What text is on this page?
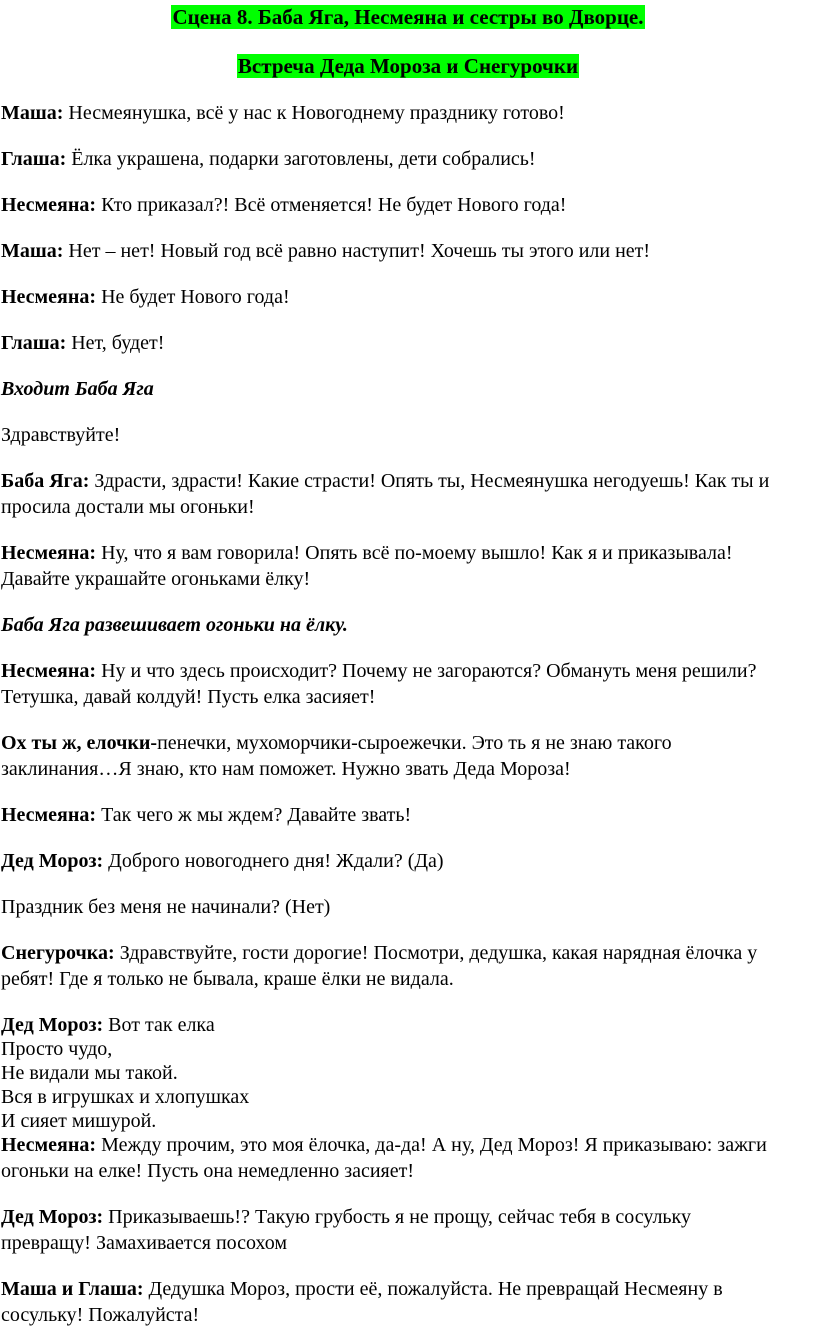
Сцена 8. Баба Яга, Несмеяна и сестры во Дворце.
Встреча Деда Мороза и Снегурочки
Маша: Несмеянушка, всё у нас к Новогоднему празднику готово!
Глаша: Ёлка украшена, подарки заготовлены, дети собрались!
Несмеяна: Кто приказал?! Всё отменяется! Не будет Нового года!
Маша: Нет – нет! Новый год всё равно наступит! Хочешь ты этого или нет!
Несмеяна: Не будет Нового года!
Глаша: Нет, будет!
Входит Баба Яга
Здравствуйте!
Баба Яга: Здрасти, здрасти! Какие страсти! Опять ты, Несмеянушка негодуешь! Как ты и
просила достали мы огоньки!
Несмеяна: Ну, что я вам говорила! Опять всё по-моему вышло! Как я и приказывала!
Давайте украшайте огоньками ёлку!
Баба Яга развешивает огоньки на ёлку.
Несмеяна: Ну и что здесь происходит? Почему не загораются? Обмануть меня решили?
Тетушка, давай колдуй! Пусть елка засияет!
Ох ты ж, елочки-пенечки, мухоморчики-сыроежечки. Это ть я не знаю такого
заклинания…Я знаю, кто нам поможет. Нужно звать Деда Мороза!
Несмеяна: Так чего ж мы ждем? Давайте звать!
Дед Мороз: Доброго новогоднего дня! Ждали? (Да)
Праздник без меня не начинали? (Нет)
Снегурочка: Здравствуйте, гости дорогие! Посмотри, дедушка, какая нарядная ёлочка у
ребят! Где я только не бывала, краше ёлки не видала.
Дед Мороз: Вот так елка
Просто чудо,
Не видали мы такой.
Вся в игрушках и хлопушках
И сияет мишурой.
Несмеяна: Между прочим, это моя ёлочка, да-да! А ну, Дед Мороз! Я приказываю: зажги
огоньки на елке! Пусть она немедленно засияет!
Дед Мороз: Приказываешь!? Такую грубость я не прощу, сейчас тебя в сосульку
превращу! Замахивается посохом
Маша и Глаша: Дедушка Мороз, прости её, пожалуйста. Не превращай Несмеяну в
сосульку! Пожалуйста!
